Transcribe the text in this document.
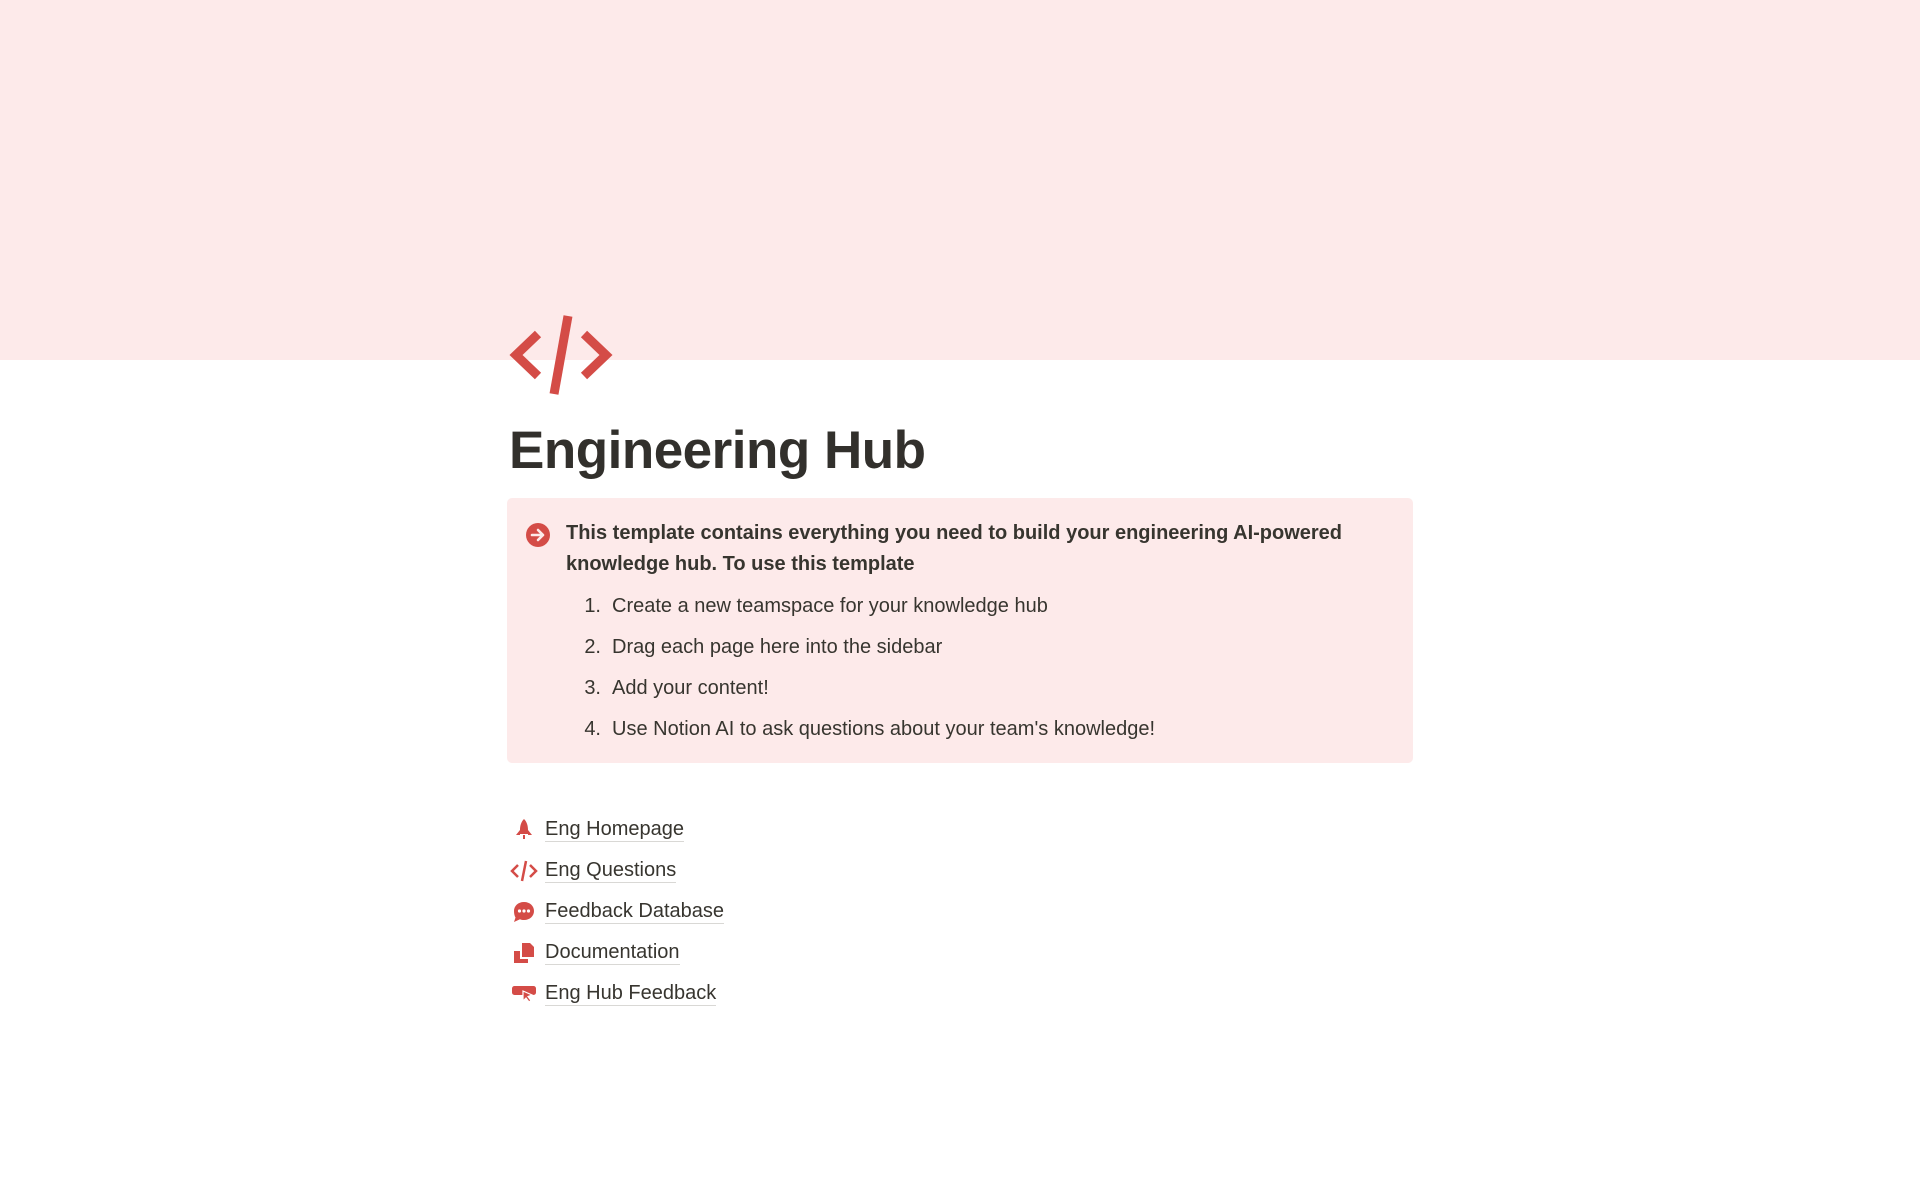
Engineering Hub
This template contains everything you need to build your engineering AI-powered knowledge hub. To use this template
1. Create a new teamspace for your knowledge hub
2. Drag each page here into the sidebar
3. Add your content!
4. Use Notion AI to ask questions about your team's knowledge!
Eng Homepage
Eng Questions
Feedback Database
Documentation
Eng Hub Feedback
